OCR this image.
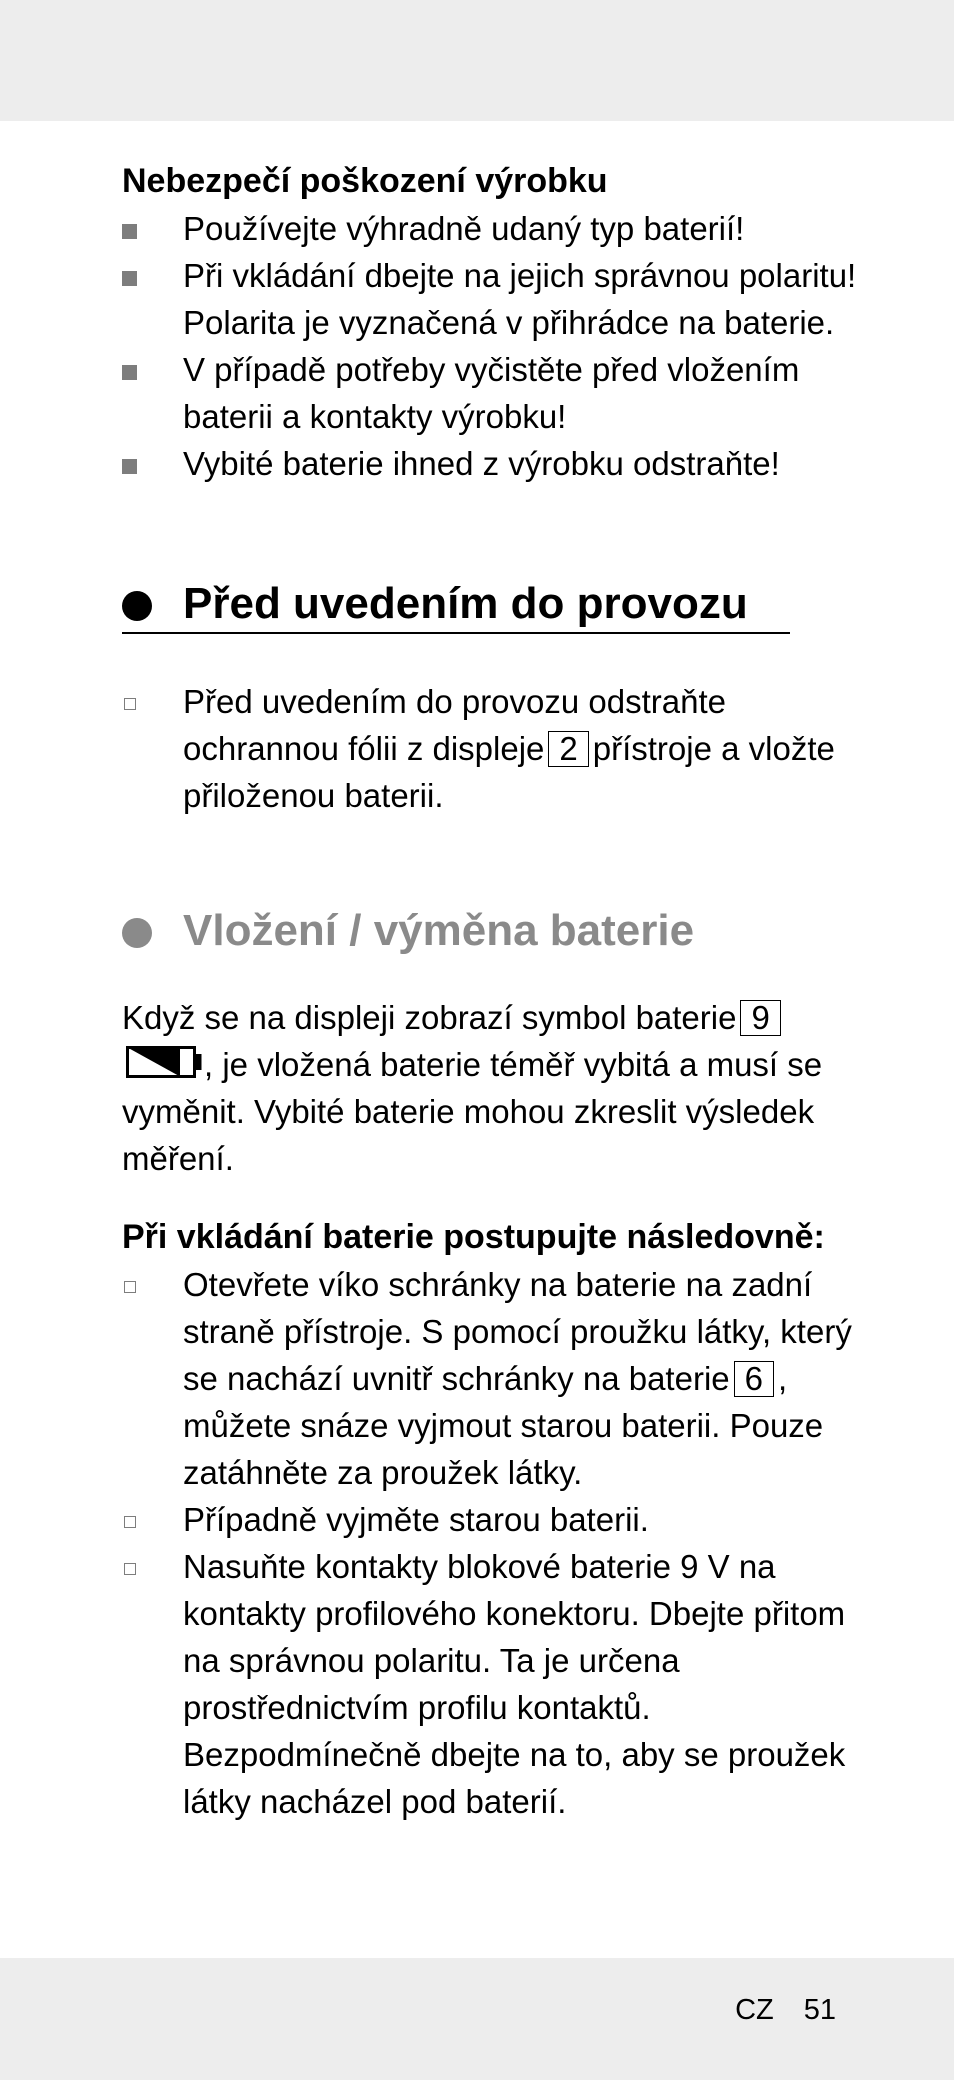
Nebezpečí poškození výrobku
Používejte výhradně udaný typ baterií!
Při vkládání dbejte na jejich správnou polaritu! Polarita je vyznačená v přihrádce na baterie.
V případě potřeby vyčistěte před vložením baterii a kontakty výrobku!
Vybité baterie ihned z výrobku odstraňte!
Před uvedením do provozu
Před uvedením do provozu odstraňte ochrannou fólii z displeje 2 přístroje a vložte přiloženou baterii.
Vložení / výměna baterie

Když se na displeji zobrazí symbol baterie 9, je vložená baterie téměř vybitá a musí se vyměnit. Vybité baterie mohou zkreslit výsledek měření.

Při vkládání baterie postupujte následovně:
Otevřete víko schránky na baterie na zadní straně přístroje. S pomocí proužku látky, který se nachází uvnitř schránky na baterie 6 , můžete snáze vyjmout starou baterii. Pouze zatáhněte za proužek látky.
Případně vyjměte starou baterii.
Nasuňte kontakty blokové baterie 9 V na kontakty profilového konektoru. Dbejte přitom na správnou polaritu. Ta je určena prostřednictvím profilu kontaktů. Bezpodmínečně dbejte na to, aby se proužek látky nacházel pod baterií.
CZ 51
